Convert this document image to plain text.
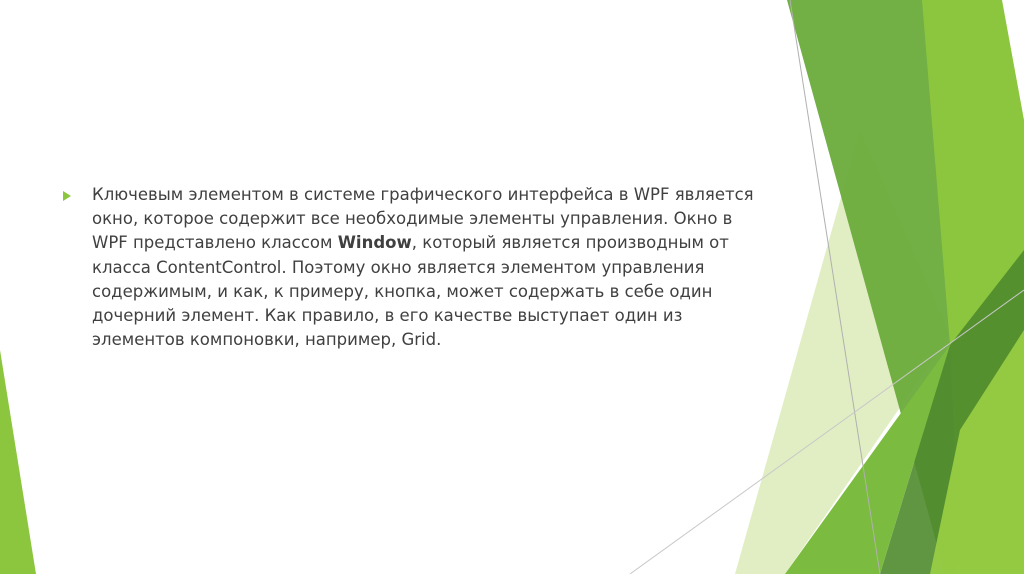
Ключевым элементом в системе графического интерфейса в WPF является
окно, которое содержит все необходимые элементы управления. Окно в
WPF представлено классом Window, который является производным от
класса ContentControl. Поэтому окно является элементом управления
содержимым, и как, к примеру, кнопка, может содержать в себе один
дочерний элемент. Как правило, в его качестве выступает один из
элементов компоновки, например, Grid.
